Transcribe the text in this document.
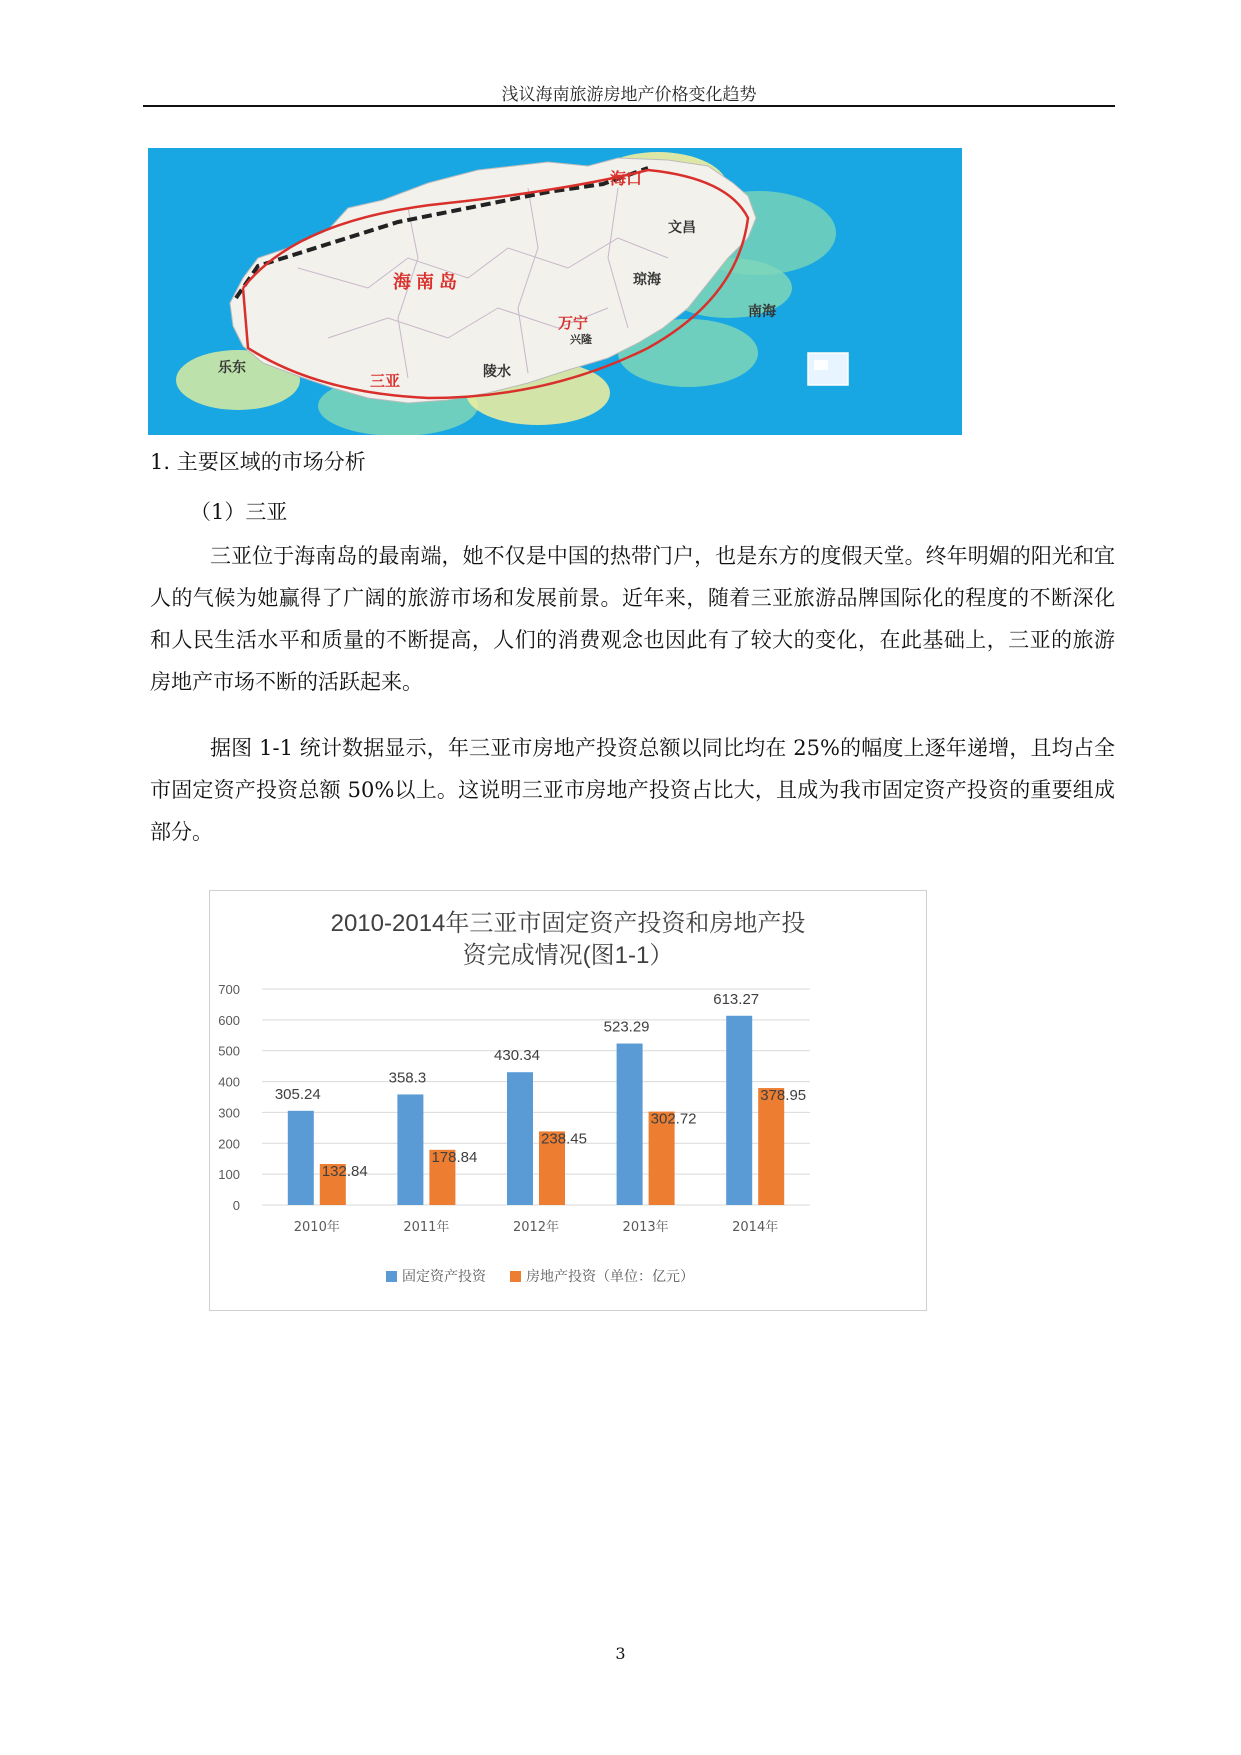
浅议海南旅游房地产价格变化趋势
海口
文昌
琼海
海 南 岛
万宁
兴隆
南海
乐东
三亚
陵水
1. 主要区域的市场分析
（1）三亚
三亚位于海南岛的最南端，她不仅是中国的热带门户，也是东方的度假天堂。终年明媚的阳光和宜人的气候为她赢得了广阔的旅游市场和发展前景。近年来，随着三亚旅游品牌国际化的程度的不断深化和人民生活水平和质量的不断提高，人们的消费观念也因此有了较大的变化，在此基础上，三亚的旅游房地产市场不断的活跃起来。
据图 1-1 统计数据显示，年三亚市房地产投资总额以同比均在 25%的幅度上逐年递增，且均占全市固定资产投资总额 50%以上。这说明三亚市房地产投资占比大，且成为我市固定资产投资的重要组成部分。
2010-2014年三亚市固定资产投资和房地产投
资完成情况(图1-1）
0
100
200
300
400
500
600
700
305.24
132.84
358.3
178.84
430.34
238.45
523.29
302.72
613.27
378.95
2010年	2011年	2012年	2013年	2014年
固定资产投资	房地产投资（单位：亿元）
3
